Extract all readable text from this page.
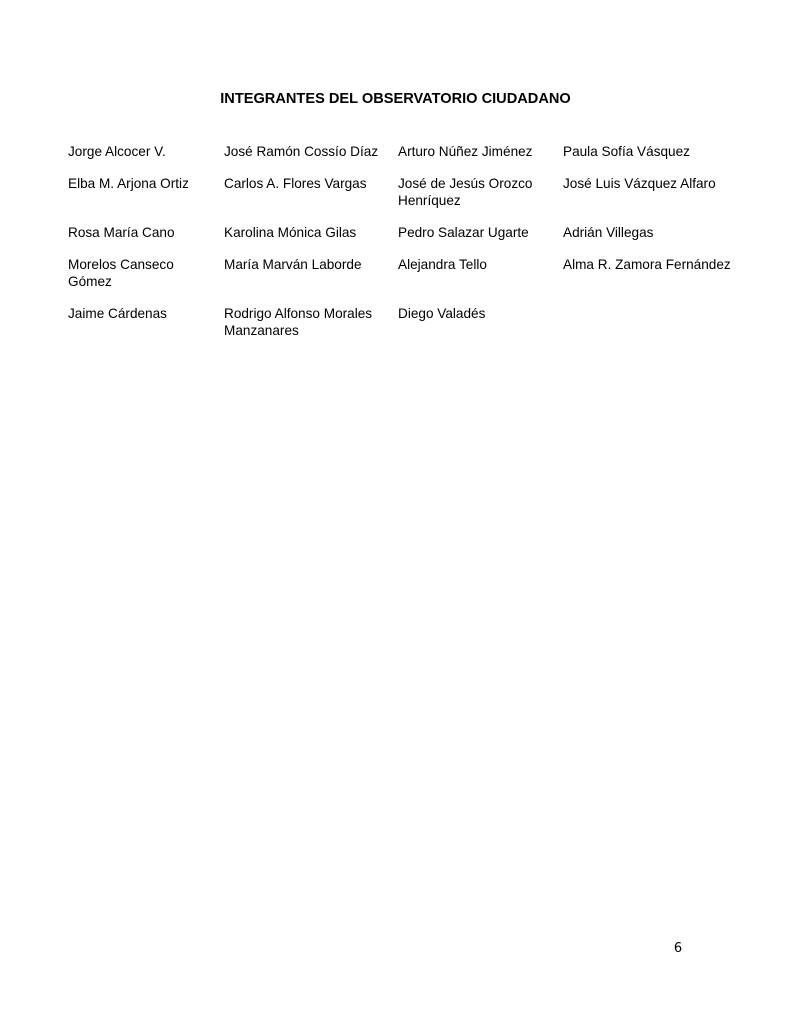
INTEGRANTES DEL OBSERVATORIO CIUDADANO
Jorge Alcocer V.	José Ramón Cossío Díaz	Arturo Núñez Jiménez	Paula Sofía Vásquez

Elba M. Arjona Ortiz	Carlos A. Flores Vargas	José de Jesús Orozco Henríquez	José Luis Vázquez Alfaro

Rosa María Cano	Karolina Mónica Gilas	Pedro Salazar Ugarte	Adrián Villegas

Morelos Canseco Gómez	María Marván Laborde	Alejandra Tello	Alma R. Zamora Fernández

Jaime Cárdenas	Rodrigo Alfonso Morales Manzanares	Diego Valadés	

6
